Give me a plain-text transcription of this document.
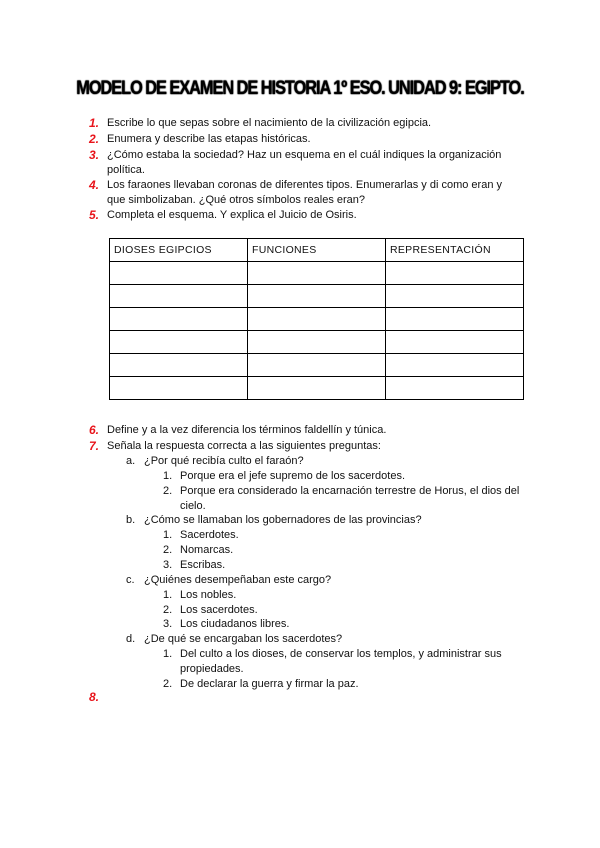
MODELO DE EXAMEN DE HISTORIA 1º ESO. UNIDAD 9: EGIPTO.
1. Escribe lo que sepas sobre el nacimiento de la civilización egipcia.
2. Enumera y describe las etapas históricas.
3. ¿Cómo estaba la sociedad? Haz un esquema en el cuál indiques la organización
política.
4. Los faraones llevaban coronas de diferentes tipos. Enumerarlas y di como eran y
que simbolizaban. ¿Qué otros símbolos reales eran?
5. Completa el esquema. Y explica el Juicio de Osiris.
6. Define y a la vez diferencia los términos faldellín y túnica.
7. Señala la respuesta correcta a las siguientes preguntas:
8.
a. ¿Por qué recibía culto el faraón?
1. Porque era el jefe supremo de los sacerdotes.
2. Porque era considerado la encarnación terrestre de Horus, el dios del
cielo.
b. ¿Cómo se llamaban los gobernadores de las provincias?
1. Sacerdotes.
2. Nomarcas.
3. Escribas.
c. ¿Quiénes desempeñaban este cargo?
1. Los nobles.
2. Los sacerdotes.
3. Los ciudadanos libres.
d. ¿De qué se encargaban los sacerdotes?
1. Del culto a los dioses, de conservar los templos, y administrar sus
propiedades.
2. De declarar la guerra y firmar la paz.
DIOSES EGIPCIOS	FUNCIONES	REPRESENTACIÓN
